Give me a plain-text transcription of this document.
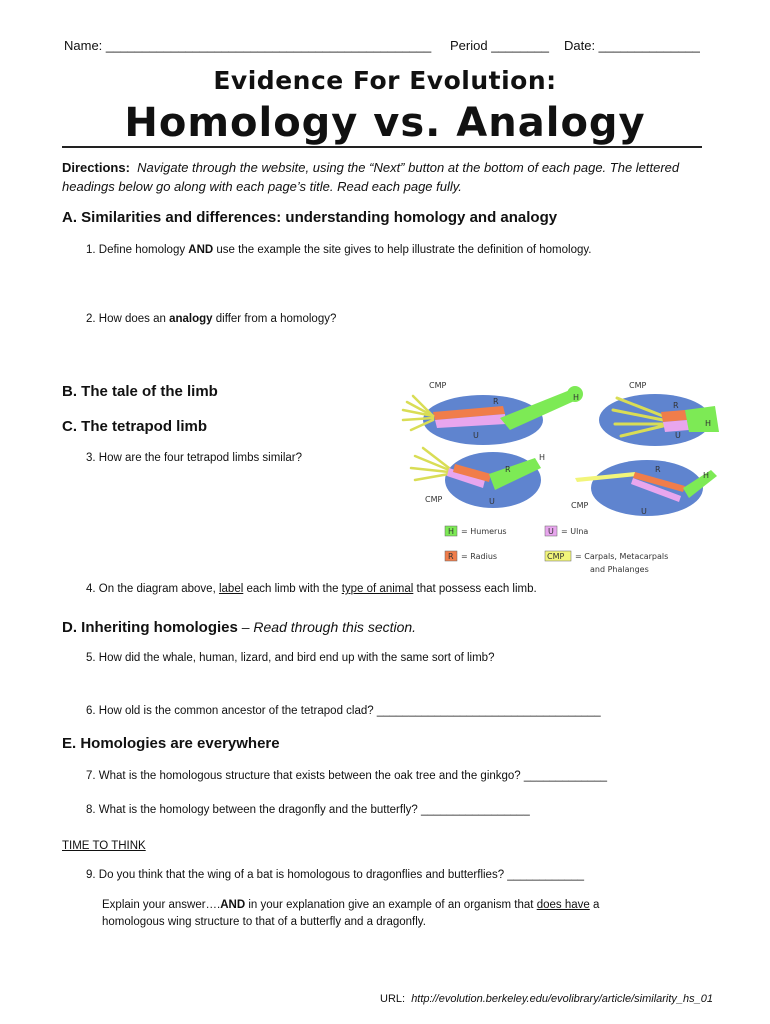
Name: _____________________________________________ Period ________ Date: ______________
Evidence For Evolution:
Homology vs. Analogy
Directions: Navigate through the website, using the “Next” button at the bottom of each page. The lettered headings below go along with each page’s title. Read each page fully.
A. Similarities and differences: understanding homology and analogy
1. Define homology AND use the example the site gives to help illustrate the definition of homology.
2. How does an analogy differ from a homology?
B. The tale of the limb
C. The tetrapod limb
3. How are the four tetrapod limbs similar?
CMP
R
U
H
CMP
R
U
H
CMP
R
U
H
CMP
R
U
H
H = Humerus	U = Ulna
R = Radius	CMP = Carpals, Metacarpals
and Phalanges
4. On the diagram above, label each limb with the type of animal that possess each limb.
D. Inheriting homologies – Read through this section.
5. How did the whale, human, lizard, and bird end up with the same sort of limb?
6. How old is the common ancestor of the tetrapod clad? ___________________________________
E. Homologies are everywhere
7. What is the homologous structure that exists between the oak tree and the ginkgo? _____________
8. What is the homology between the dragonfly and the butterfly? _________________
TIME TO THINK
9. Do you think that the wing of a bat is homologous to dragonflies and butterflies? ____________
Explain your answer….AND in your explanation give an example of an organism that does have a
homologous wing structure to that of a butterfly and a dragonfly.
URL: http://evolution.berkeley.edu/evolibrary/article/similarity_hs_01
